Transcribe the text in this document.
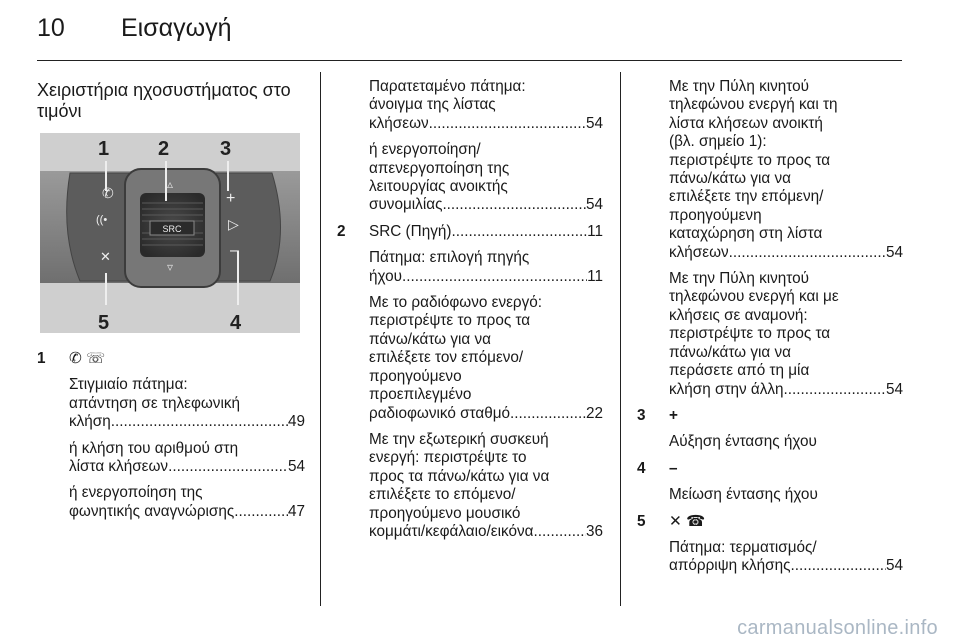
10 Εισαγωγή
Χειριστήρια ηχοσυστήματος στο τιμόνι
SRC
▵
▿
✆
((•
✕
+
▷
–
1 2	3
5	4
1 ✆ ☏

Στιγμιαίο πάτημα:
απάντηση σε τηλεφωνική

κλήση .....	49

ή κλήση του αριθμού στη

λίστα κλήσεων .....	54

ή ενεργοποίηση της

φωνητικής αναγνώρισης .....	47

Παρατεταμένο πάτημα:
άνοιγμα της λίστας

κλήσεων .....	54

ή ενεργοποίηση/
απενεργοποίηση της
λειτουργίας ανοικτής

συνομιλίας .....	54

2 SRC (Πηγή) .....	11

Πάτημα: επιλογή πηγής

ήχου .....	11

Με το ραδιόφωνο ενεργό:
περιστρέψτε το προς τα
πάνω/κάτω για να
επιλέξετε τον επόμενο/
προηγούμενο
προεπιλεγμένο

ραδιοφωνικό σταθμό .....	22

Με την εξωτερική συσκευή
ενεργή: περιστρέψτε το
προς τα πάνω/κάτω για να
επιλέξετε το επόμενο/
προηγούμενο μουσικό

κομμάτι/κεφάλαιο/εικόνα .....	36

Με την Πύλη κινητού
τηλεφώνου ενεργή και τη
λίστα κλήσεων ανοικτή
(βλ. σημείο 1):
περιστρέψτε το προς τα
πάνω/κάτω για να
επιλέξετε την επόμενη/
προηγούμενη
καταχώρηση στη λίστα

κλήσεων .....	54

Με την Πύλη κινητού
τηλεφώνου ενεργή και με
κλήσεις σε αναμονή:
περιστρέψτε το προς τα
πάνω/κάτω για να
περάσετε από τη μία

κλήση στην άλλη .....	54

3 +

Αύξηση έντασης ήχου

4 –

Μείωση έντασης ήχου

5 ✕ ☎

Πάτημα: τερματισμός/

απόρριψη κλήσης .....	54

carmanualsonline.info
